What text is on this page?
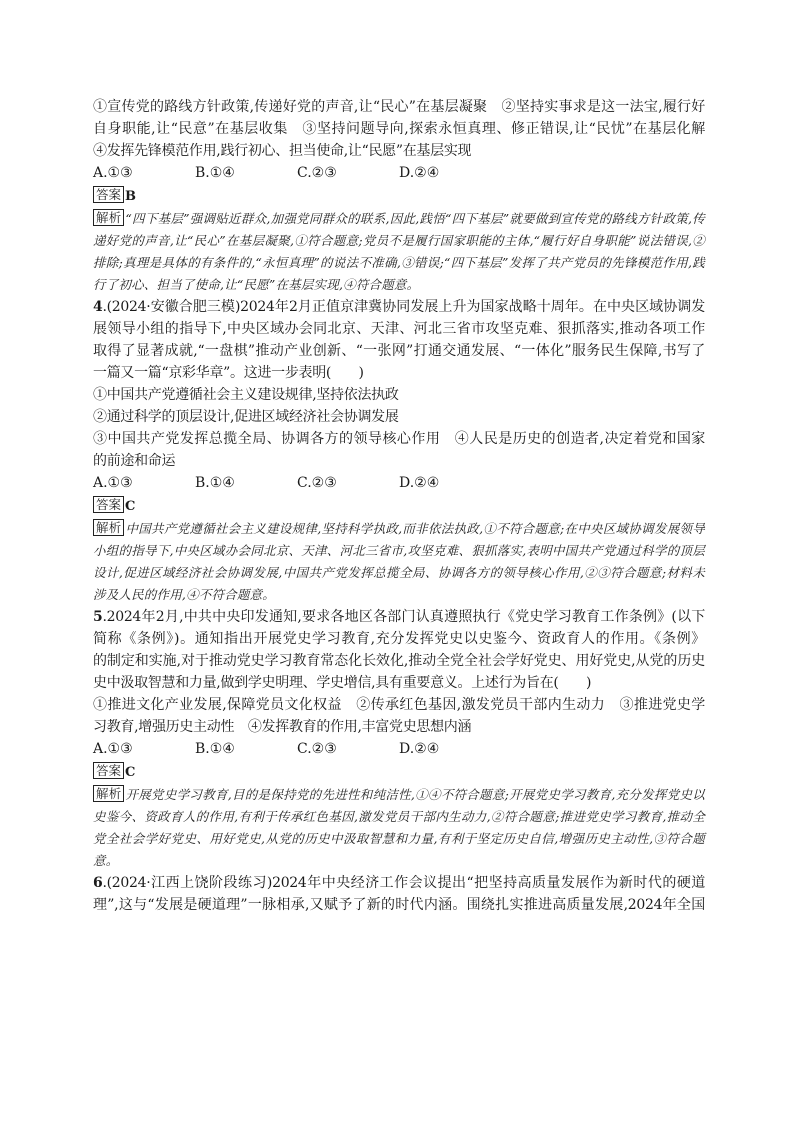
①宣传党的路线方针政策,传递好党的声音,让“民心”在基层凝聚　②坚持实事求是这一法宝,履行好
自身职能,让“民意”在基层收集　③坚持问题导向,探索永恒真理、修正错误,让“民忧”在基层化解
④发挥先锋模范作用,践行初心、担当使命,让“民愿”在基层实现
A.①③	B.①④	C.②③	D.②④
答案 B
解析 “四下基层”强调贴近群众,加强党同群众的联系,因此,践悟“四下基层”就要做到宣传党的路线方针政策,传递好党的声音,让“民心”在基层凝聚,①符合题意;党员不是履行国家职能的主体,“履行好自身职能”说法错误,②排除;真理是具体的有条件的,“永恒真理”的说法不准确,③错误;“四下基层”发挥了共产党员的先锋模范作用,践行了初心、担当了使命,让“民愿”在基层实现,④符合题意。
4.(2024·安徽合肥三模)2024年2月正值京津冀协同发展上升为国家战略十周年。在中央区域协调发
展领导小组的指导下,中央区域办会同北京、天津、河北三省市攻坚克难、狠抓落实,推动各项工作
取得了显著成就,“一盘棋”推动产业创新、“一张网”打通交通发展、“一体化”服务民生保障,书写了
一篇又一篇“京彩华章”。这进一步表明(　　)
①中国共产党遵循社会主义建设规律,坚持依法执政
②通过科学的顶层设计,促进区域经济社会协调发展
③中国共产党发挥总揽全局、协调各方的领导核心作用　④人民是历史的创造者,决定着党和国家
的前途和命运
A.①③	B.①④	C.②③	D.②④
答案 C
解析 中国共产党遵循社会主义建设规律,坚持科学执政,而非依法执政,①不符合题意;在中央区域协调发展领导小组的指导下,中央区域办会同北京、天津、河北三省市,攻坚克难、狠抓落实,表明中国共产党通过科学的顶层设计,促进区域经济社会协调发展,中国共产党发挥总揽全局、协调各方的领导核心作用,②③符合题意;材料未涉及人民的作用,④不符合题意。
5.2024年2月,中共中央印发通知,要求各地区各部门认真遵照执行《党史学习教育工作条例》(以下
简称《条例》)。通知指出开展党史学习教育,充分发挥党史以史鉴今、资政育人的作用。《条例》
的制定和实施,对于推动党史学习教育常态化长效化,推动全党全社会学好党史、用好党史,从党的历史
史中汲取智慧和力量,做到学史明理、学史增信,具有重要意义。上述行为旨在(　　)
①推进文化产业发展,保障党员文化权益　②传承红色基因,激发党员干部内生动力　③推进党史学
习教育,增强历史主动性　④发挥教育的作用,丰富党史思想内涵
A.①③	B.①④	C.②③	D.②④
答案 C
解析 开展党史学习教育,目的是保持党的先进性和纯洁性,①④不符合题意;开展党史学习教育,充分发挥党史以史鉴今、资政育人的作用,有利于传承红色基因,激发党员干部内生动力,②符合题意;推进党史学习教育,推动全党全社会学好党史、用好党史,从党的历史中汲取智慧和力量,有利于坚定历史自信,增强历史主动性,③符合题意。
6.(2024·江西上饶阶段练习)2024年中央经济工作会议提出“把坚持高质量发展作为新时代的硬道
理”,这与“发展是硬道理”一脉相承,又赋予了新的时代内涵。围绕扎实推进高质量发展,2024年全国
